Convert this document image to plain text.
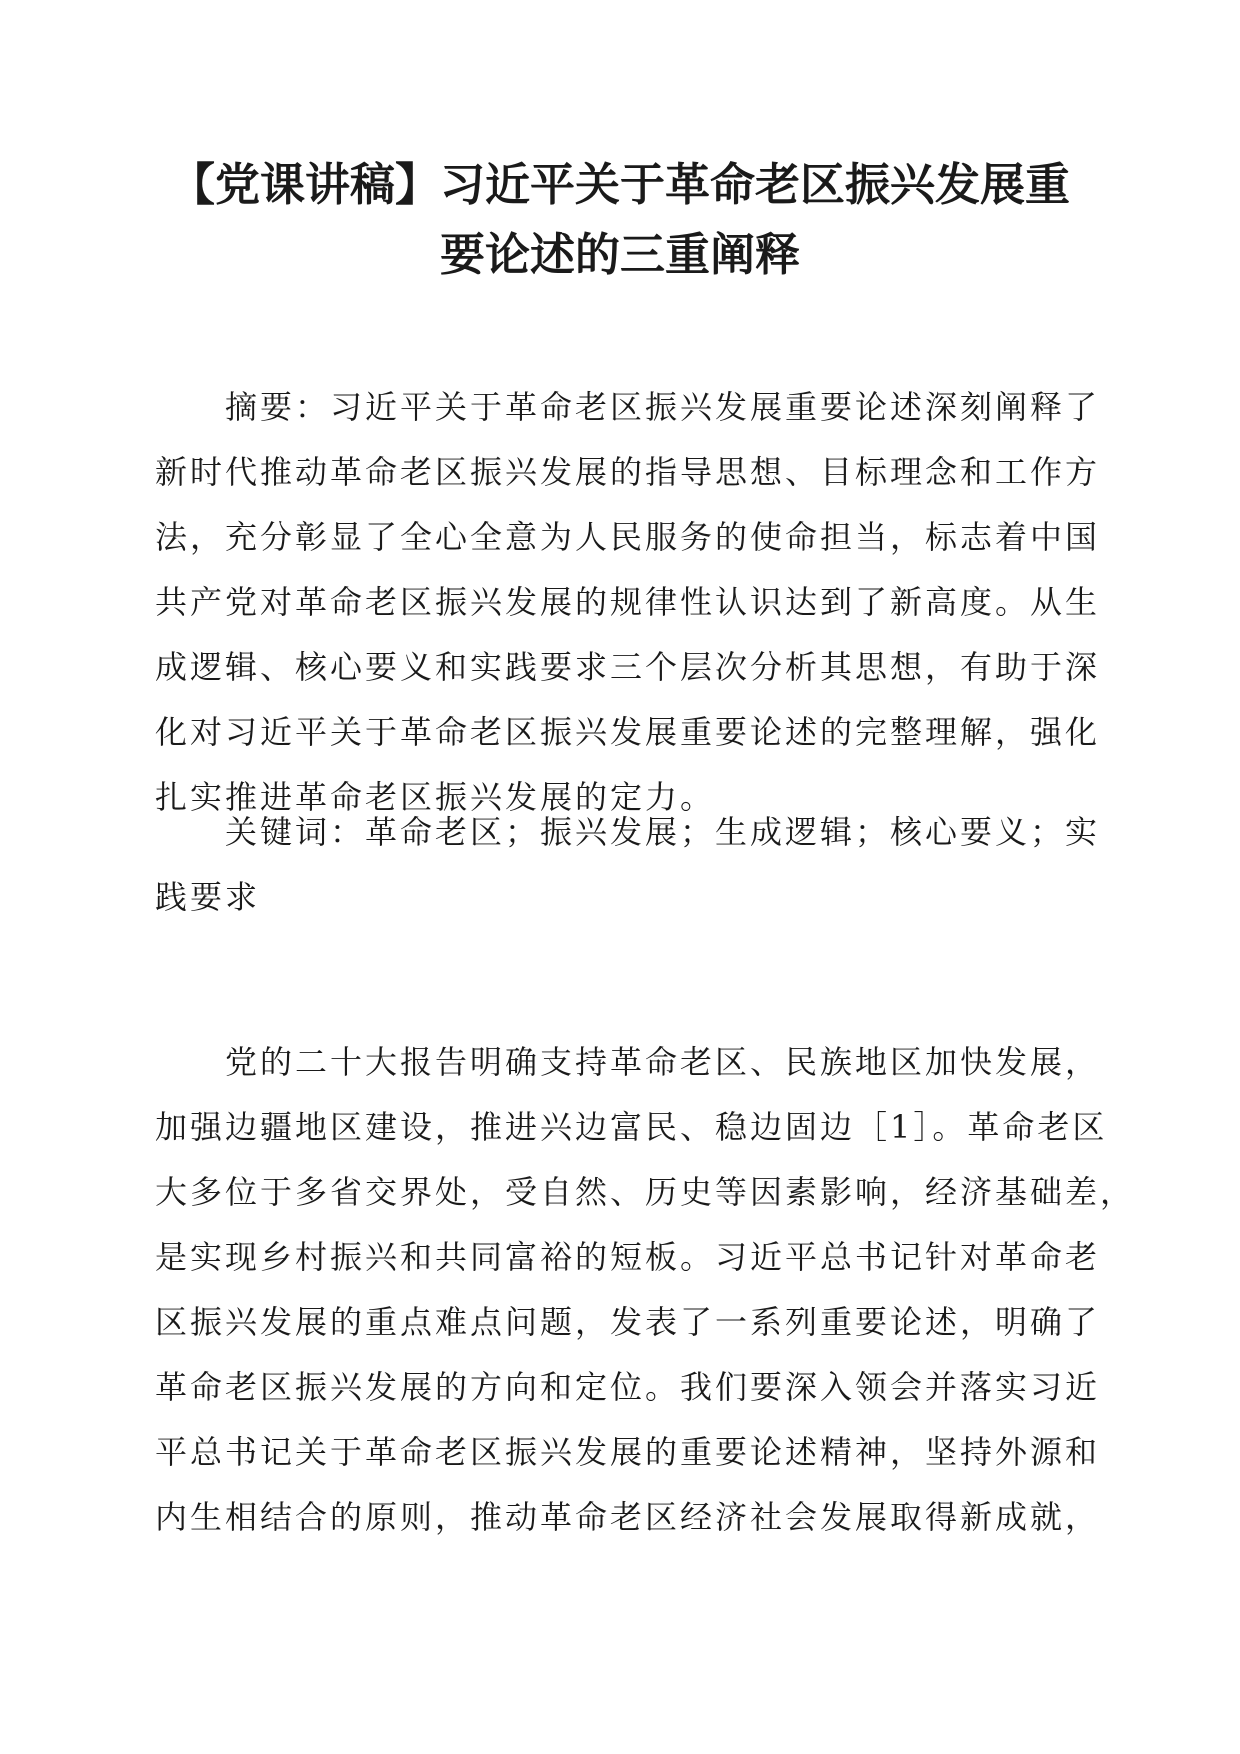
【党课讲稿】习近平关于革命老区振兴发展重
要论述的三重阐释
　　摘要：习近平关于革命老区振兴发展重要论述深刻阐释了
新时代推动革命老区振兴发展的指导思想、目标理念和工作方
法，充分彰显了全心全意为人民服务的使命担当，标志着中国
共产党对革命老区振兴发展的规律性认识达到了新高度。从生
成逻辑、核心要义和实践要求三个层次分析其思想，有助于深
化对习近平关于革命老区振兴发展重要论述的完整理解，强化
扎实推进革命老区振兴发展的定力。
　　关键词：革命老区；振兴发展；生成逻辑；核心要义；实
践要求
　　党的二十大报告明确支持革命老区、民族地区加快发展，
加强边疆地区建设，推进兴边富民、稳边固边［1］。革命老区
大多位于多省交界处，受自然、历史等因素影响，经济基础差，
是实现乡村振兴和共同富裕的短板。习近平总书记针对革命老
区振兴发展的重点难点问题，发表了一系列重要论述，明确了
革命老区振兴发展的方向和定位。我们要深入领会并落实习近
平总书记关于革命老区振兴发展的重要论述精神，坚持外源和
内生相结合的原则，推动革命老区经济社会发展取得新成就，
